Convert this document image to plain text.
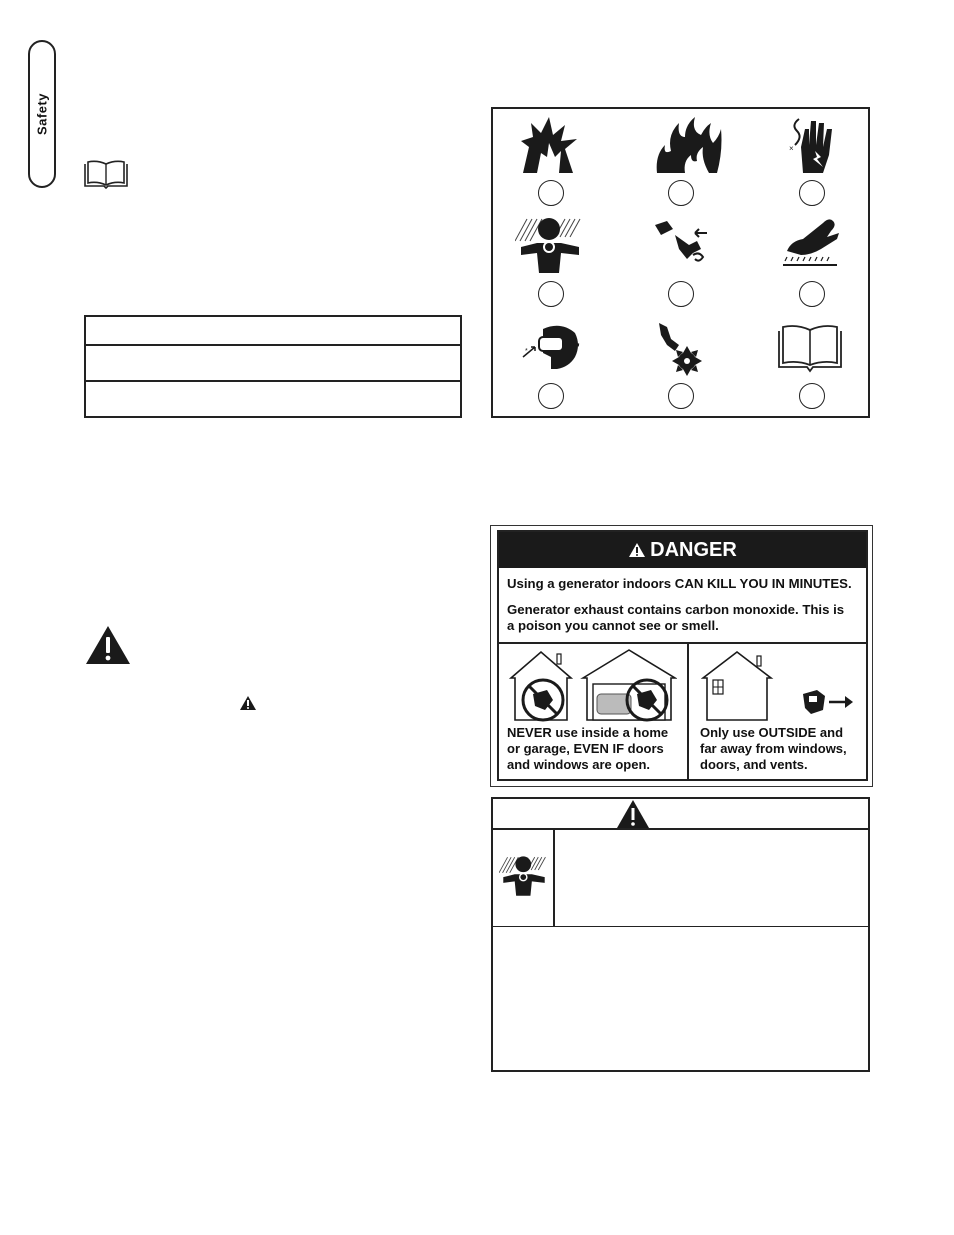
Safety
×
*
DANGER
Using a generator indoors CAN KILL YOU IN MINUTES.
Generator exhaust contains carbon monoxide. This is
a poison you cannot see or smell.
NEVER use inside a home
or garage, EVEN IF doors
and windows are open.
Only use OUTSIDE and
far away from windows,
doors, and vents.
